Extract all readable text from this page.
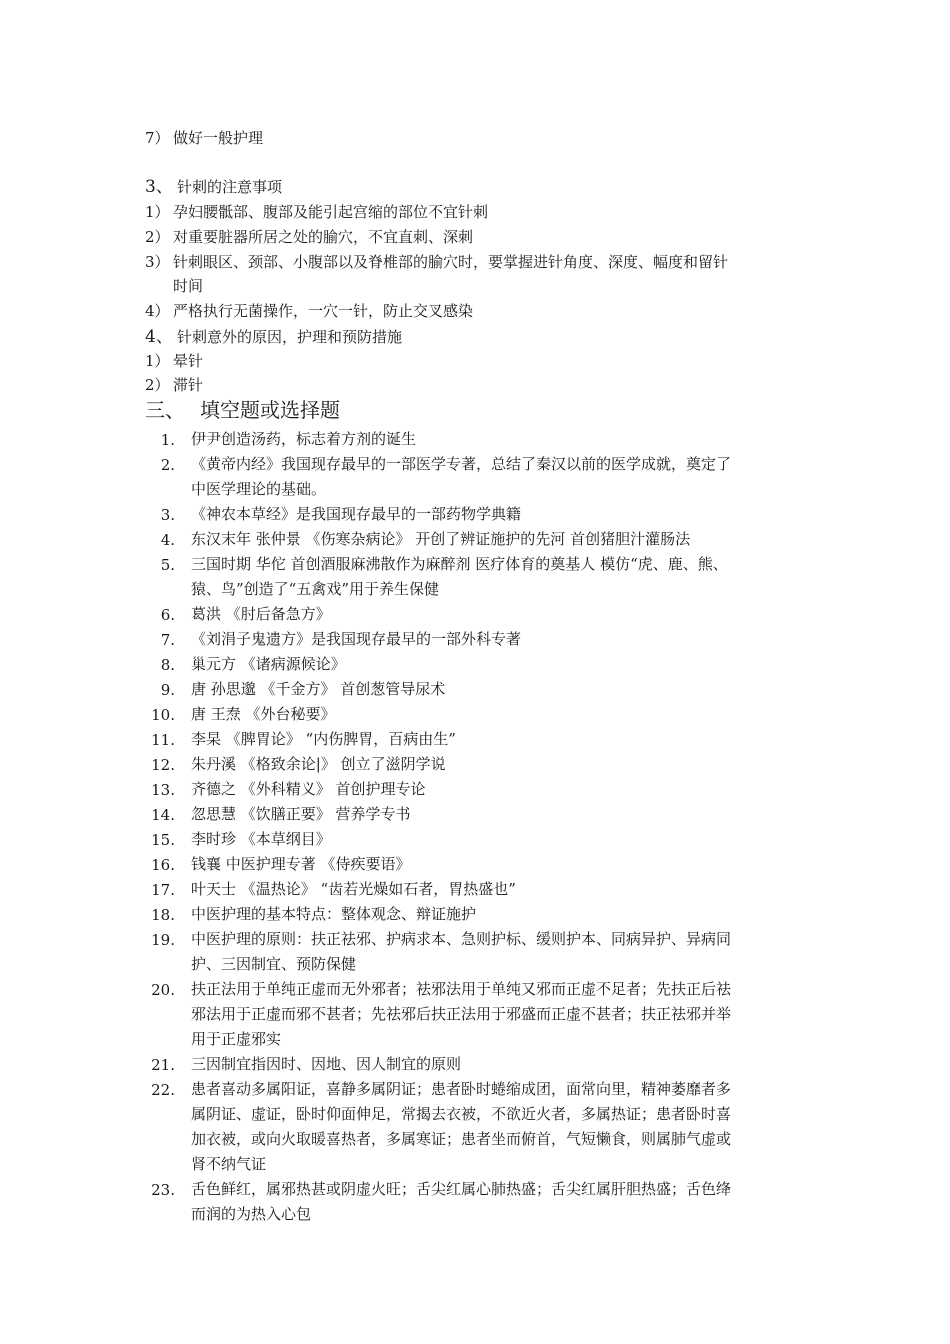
7） 做好一般护理
3、 针刺的注意事项
1） 孕妇腰骶部、腹部及能引起宫缩的部位不宜针刺
2） 对重要脏器所居之处的腧穴，不宜直刺、深刺
3） 针刺眼区、颈部、小腹部以及脊椎部的腧穴时，要掌握进针角度、深度、幅度和留针
时间
4） 严格执行无菌操作，一穴一针，防止交叉感染
4、 针刺意外的原因，护理和预防措施
1） 晕针
2） 滞针
三、 填空题或选择题
1. 伊尹创造汤药，标志着方剂的诞生
2. 《黄帝内经》我国现存最早的一部医学专著，总结了秦汉以前的医学成就，奠定了
中医学理论的基础。
3. 《神农本草经》是我国现存最早的一部药物学典籍
4. 东汉末年 张仲景 《伤寒杂病论》 开创了辨证施护的先河 首创猪胆汁灌肠法
5. 三国时期 华佗 首创酒服麻沸散作为麻醉剂 医疗体育的奠基人 模仿“虎、鹿、熊、
猿、鸟”创造了“五禽戏”用于养生保健
6. 葛洪 《肘后备急方》
7. 《刘涓子鬼遗方》是我国现存最早的一部外科专著
8. 巢元方 《诸病源候论》
9. 唐 孙思邈 《千金方》 首创葱管导尿术
10. 唐 王焘 《外台秘要》
11. 李杲 《脾胃论》 “内伤脾胃，百病由生”
12. 朱丹溪 《格致余论|》 创立了滋阴学说
13. 齐德之 《外科精义》 首创护理专论
14. 忽思慧 《饮膳正要》 营养学专书
15. 李时珍 《本草纲目》
16. 钱襄 中医护理专著 《侍疾要语》
17. 叶天士 《温热论》 “齿若光燥如石者，胃热盛也”
18. 中医护理的基本特点：整体观念、辩证施护
19. 中医护理的原则：扶正祛邪、护病求本、急则护标、缓则护本、同病异护、异病同
护、三因制宜、预防保健
20. 扶正法用于单纯正虚而无外邪者；祛邪法用于单纯又邪而正虚不足者；先扶正后祛
邪法用于正虚而邪不甚者；先祛邪后扶正法用于邪盛而正虚不甚者；扶正祛邪并举
用于正虚邪实
21. 三因制宜指因时、因地、因人制宜的原则
22. 患者喜动多属阳证，喜静多属阴证；患者卧时蜷缩成团，面常向里，精神萎靡者多
属阴证、虚证，卧时仰面伸足，常揭去衣被，不欲近火者，多属热证；患者卧时喜
加衣被，或向火取暖喜热者，多属寒证；患者坐而俯首，气短懒食，则属肺气虚或
肾不纳气证
23. 舌色鲜红，属邪热甚或阴虚火旺；舌尖红属心肺热盛；舌尖红属肝胆热盛；舌色绛
而润的为热入心包
